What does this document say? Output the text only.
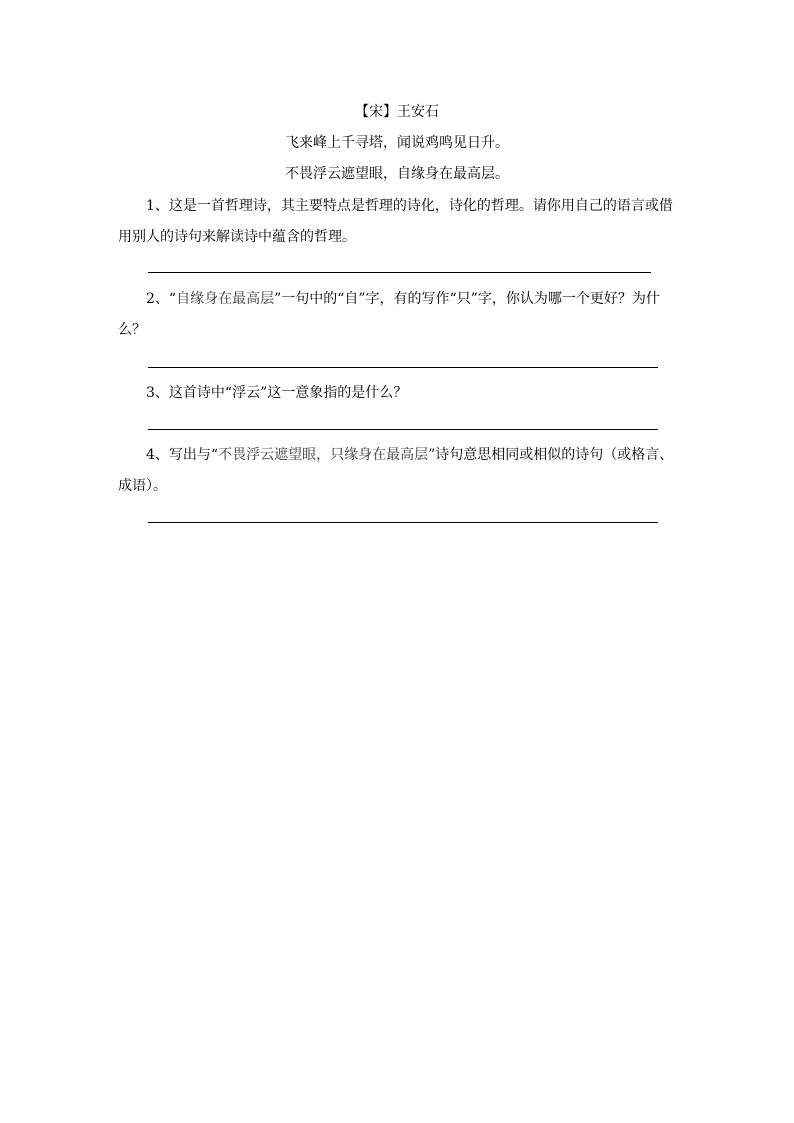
【宋】王安石
飞来峰上千寻塔，闻说鸡鸣见日升。
不畏浮云遮望眼，自缘身在最高层。
1、这是一首哲理诗，其主要特点是哲理的诗化，诗化的哲理。请你用自己的语言或借用别人的诗句来解读诗中蕴含的哲理。
2、“自缘身在最高层”一句中的“自”字，有的写作“只”字，你认为哪一个更好？为什么？
3、这首诗中“浮云”这一意象指的是什么？
4、写出与“不畏浮云遮望眼，只缘身在最高层”诗句意思相同或相似的诗句（或格言、成语）。
